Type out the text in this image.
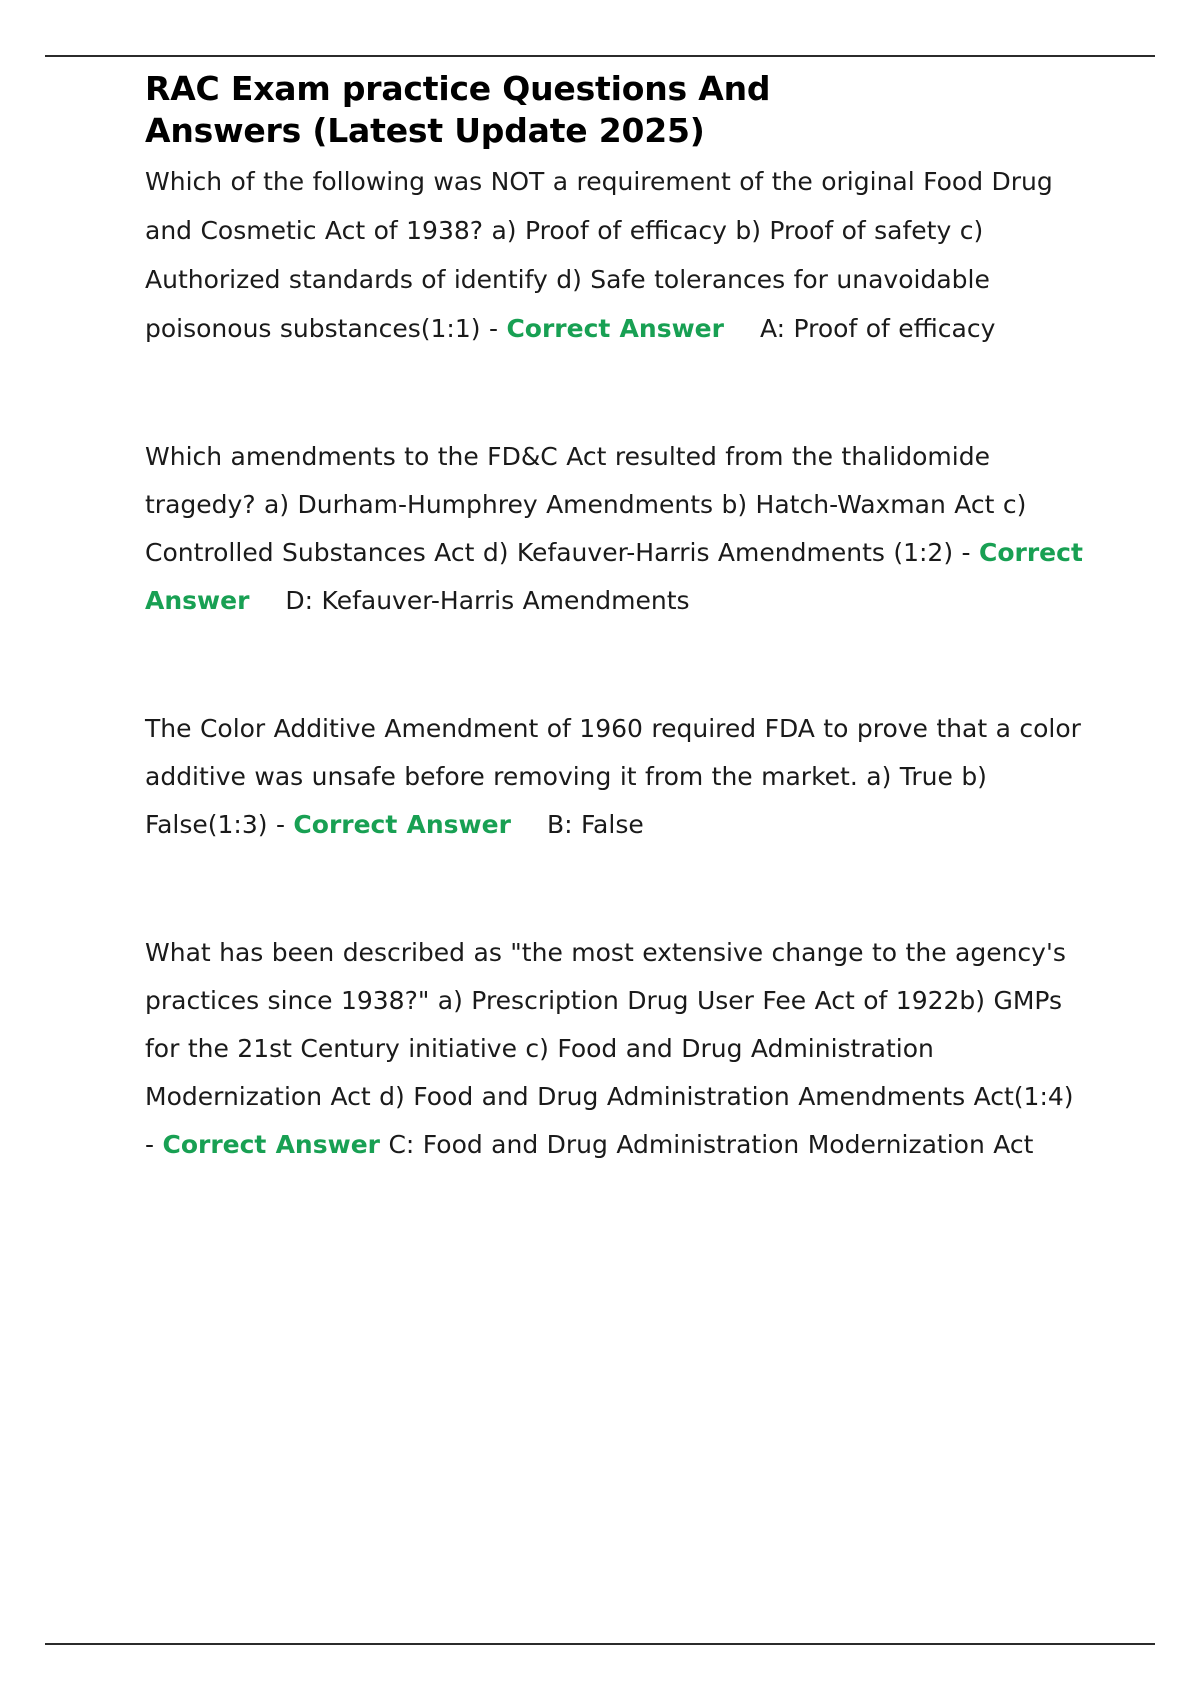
RAC Exam practice Questions And Answers (Latest Update 2025)

Which of the following was NOT a requirement of the original Food Drug and Cosmetic Act of 1938? a) Proof of efficacy b) Proof of safety c) Authorized standards of identify d) Safe tolerances for unavoidable poisonous substances(1:1) - Correct Answer A: Proof of efficacy

Which amendments to the FD&C Act resulted from the thalidomide tragedy? a) Durham-Humphrey Amendments b) Hatch-Waxman Act c) Controlled Substances Act d) Kefauver-Harris Amendments (1:2) - Correct Answer D: Kefauver-Harris Amendments

The Color Additive Amendment of 1960 required FDA to prove that a color additive was unsafe before removing it from the market. a) True b) False(1:3) - Correct Answer B: False

What has been described as "the most extensive change to the agency's practices since 1938?" a) Prescription Drug User Fee Act of 1922b) GMPs for the 21st Century initiative c) Food and Drug Administration Modernization Act d) Food and Drug Administration Amendments Act(1:4) - Correct Answer C: Food and Drug Administration Modernization Act
